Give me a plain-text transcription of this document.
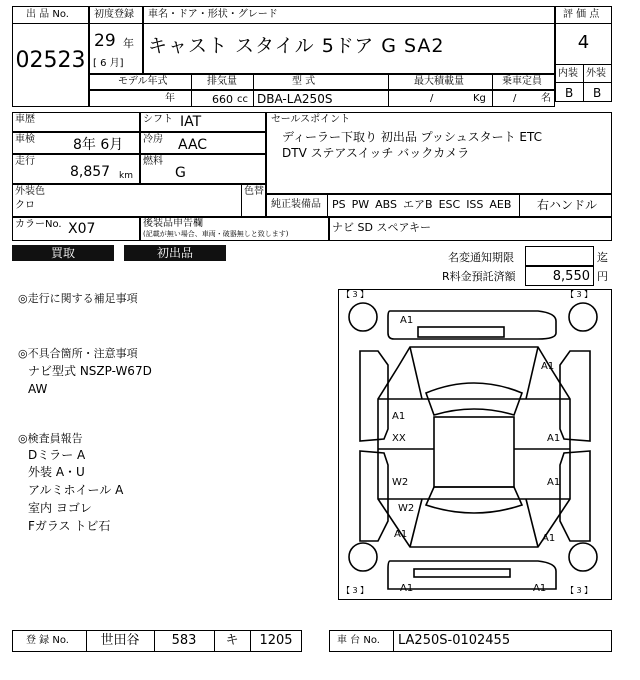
出 品 No.
02523
初度登録
29 年
[ 6 月]
車名・ドア・形状・グレード
キャスト スタイル 5ドア G SA2
評 価 点
4
内装 外装
B B
モデル年式	排気量	型 式	最大積載量	乗車定員
年	660 cc DBA-LA250S	/	Kg	/ 名
車歴
車検	8年 6月
走行
8,857 km
シフト IAT
冷房 AAC
燃料
G
セールスポイント
ディーラー下取り 初出品 プッシュスタート ETC
DTV ステアスイッチ バックカメラ
外装色
クロ
色替
純正装備品 PS PW ABS エアB ESC ISS AEB	右ハンドル
カラーNo. X07	後装品申告欄
(記載が無い場合、車両・破器無しと致します)	ナビ SD スペアキー
買取	初出品	名変通知期限	迄
R料金預託済額	8,550 円
◎走行に関する補足事項
◎不具合箇所・注意事項
ナビ型式 NSZP-W67D
AW
◎検査員報告
Dミラー A
外装 A・U
アルミホイール A
室内 ヨゴレ
Fガラス トビ石
【 3 】	【 3 】
【 3 】	【 3 】
A1
A1
A1
XX	A1
W2
W2
A1
A1	A1
A1	A1
登 録 No.	世田谷	583	キ	1205	車 台 No. LA250S-0102455
